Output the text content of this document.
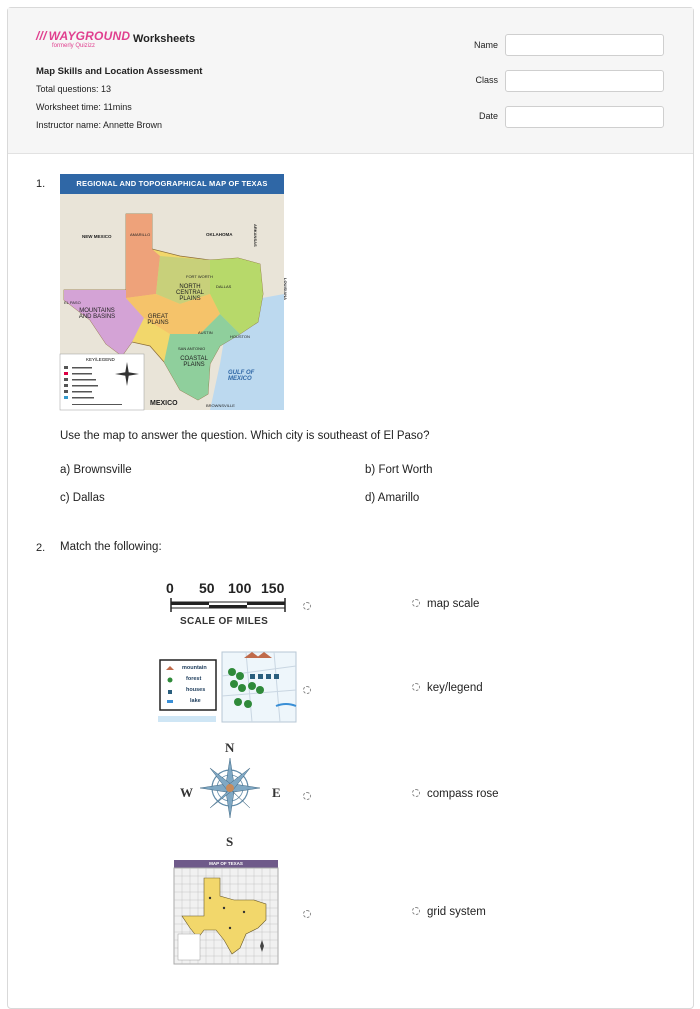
/// WAYGROUND
formerly Quizizz
Worksheets
Map Skills and Location Assessment
Total questions: 13
Worksheet time: 11mins
Instructor name: Annette Brown
Name
Class
Date
1.	REGIONAL AND TOPOGRAPHICAL MAP OF TEXAS
KEY/LEGEND
NEW MEXICO	OKLAHOMA	ARKANSAS
LOUISIANA
AMARILLO
FORT WORTH
DALLAS
NORTH CENTRAL PLAINS
EL PASO
MOUNTAINS AND BASINS	GREAT PLAINS
AUSTIN
HOUSTON
SAN ANTONIO
COASTAL PLAINS
GULF OF MEXICO
MEXICO	BROWNSVILLE
Use the map to answer the question. Which city is southeast of El Paso?
a) Brownsville	b) Fort Worth
c) Dallas	d) Amarillo
2. Match the following:
0 50 100 150
SCALE OF MILES
map scale
mountain
forest
houses
lake
key/legend
N
S
E
W	compass rose
MAP OF TEXAS
grid system
